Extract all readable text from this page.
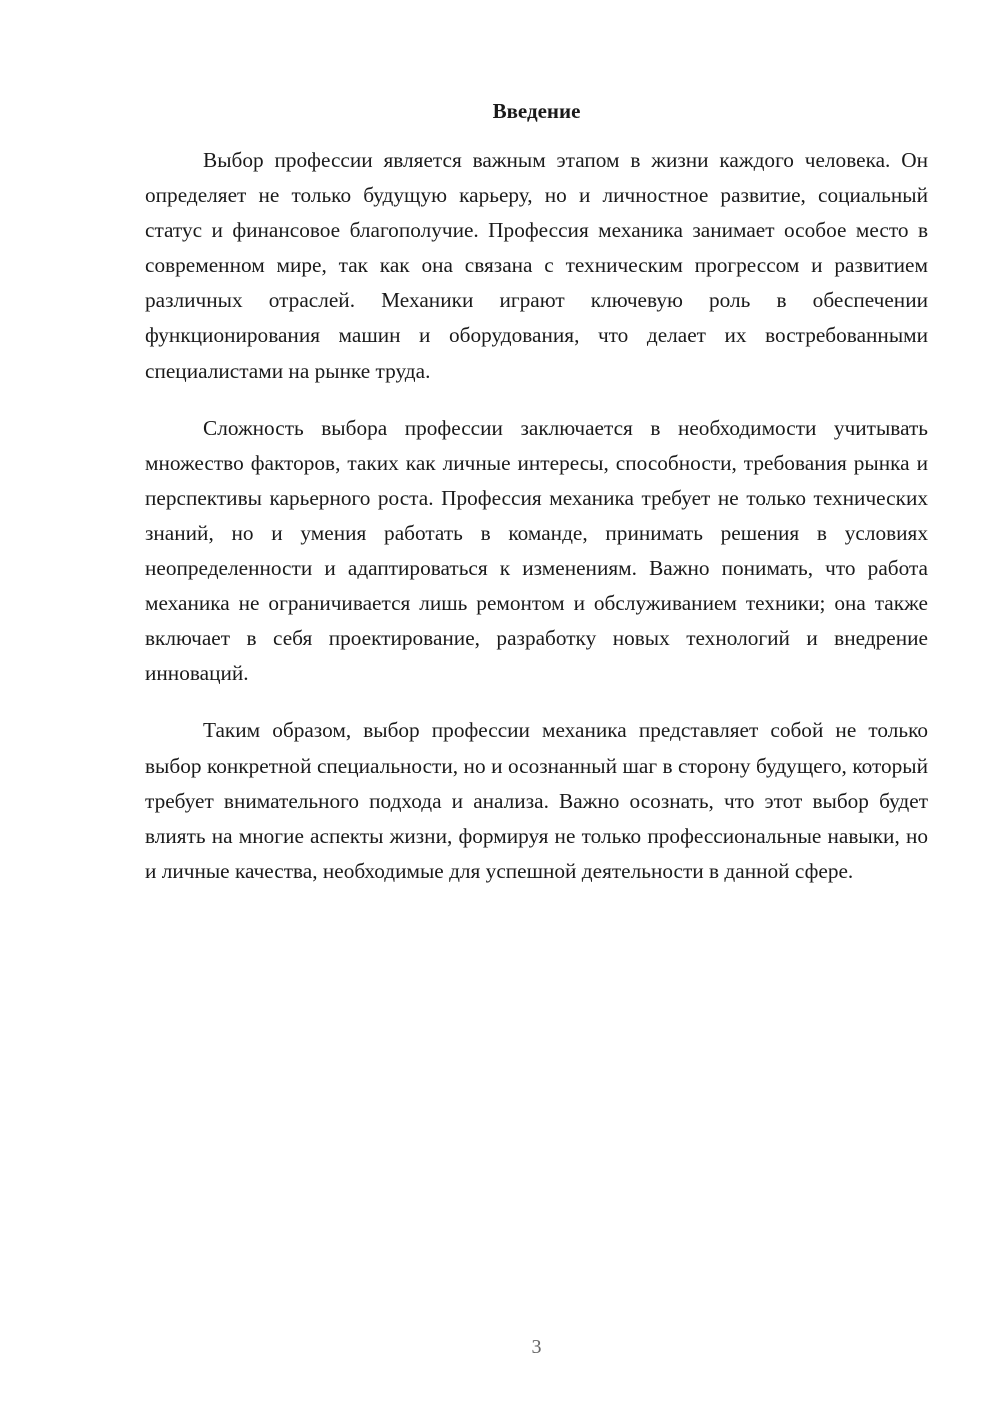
Введение

Выбор профессии является важным этапом в жизни каждого человека. Он определяет не только будущую карьеру, но и личностное развитие, социальный статус и финансовое благополучие. Профессия механика занимает особое место в современном мире, так как она связана с техническим прогрессом и развитием различных отраслей. Механики играют ключевую роль в обеспечении функционирования машин и оборудования, что делает их востребованными специалистами на рынке труда.

Сложность выбора профессии заключается в необходимости учитывать множество факторов, таких как личные интересы, способности, требования рынка и перспективы карьерного роста. Профессия механика требует не только технических знаний, но и умения работать в команде, принимать решения в условиях неопределенности и адаптироваться к изменениям. Важно понимать, что работа механика не ограничивается лишь ремонтом и обслуживанием техники; она также включает в себя проектирование, разработку новых технологий и внедрение инноваций.

Таким образом, выбор профессии механика представляет собой не только выбор конкретной специальности, но и осознанный шаг в сторону будущего, который требует внимательного подхода и анализа. Важно осознать, что этот выбор будет влиять на многие аспекты жизни, формируя не только профессиональные навыки, но и личные качества, необходимые для успешной деятельности в данной сфере.

3
